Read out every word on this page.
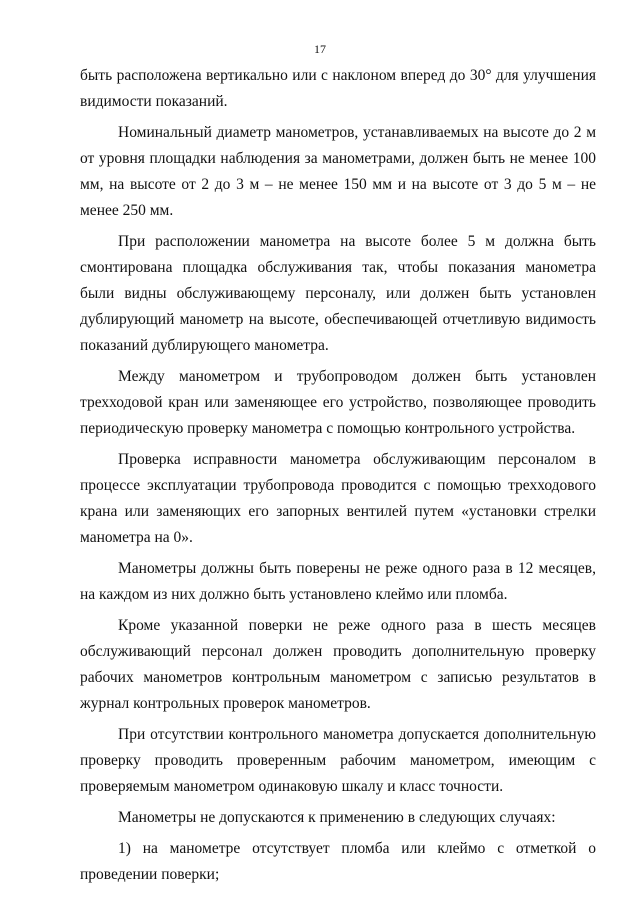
17

быть расположена вертикально или с наклоном вперед до 30° для улучшения видимости показаний.

Номинальный диаметр манометров, устанавливаемых на высоте до 2 м от уровня площадки наблюдения за манометрами, должен быть не менее 100 мм, на высоте от 2 до 3 м – не менее 150 мм и на высоте от 3 до 5 м – не менее 250 мм.

При расположении манометра на высоте более 5 м должна быть смонтирована площадка обслуживания так, чтобы показания манометра были видны обслуживающему персоналу, или должен быть установлен дублирующий манометр на высоте, обеспечивающей отчетливую видимость показаний дублирующего манометра.

Между манометром и трубопроводом должен быть установлен трехходовой кран или заменяющее его устройство, позволяющее проводить периодическую проверку манометра с помощью контрольного устройства.

Проверка исправности манометра обслуживающим персоналом в процессе эксплуатации трубопровода проводится с помощью трехходового крана или заменяющих его запорных вентилей путем «установки стрелки манометра на 0».

Манометры должны быть поверены не реже одного раза в 12 месяцев, на каждом из них должно быть установлено клеймо или пломба.

Кроме указанной поверки не реже одного раза в шесть месяцев обслуживающий персонал должен проводить дополнительную проверку рабочих манометров контрольным манометром с записью результатов в журнал контрольных проверок манометров.

При отсутствии контрольного манометра допускается дополнительную проверку проводить проверенным рабочим манометром, имеющим с проверяемым манометром одинаковую шкалу и класс точности.

Манометры не допускаются к применению в следующих случаях:

1) на манометре отсутствует пломба или клеймо с отметкой о проведении поверки;
